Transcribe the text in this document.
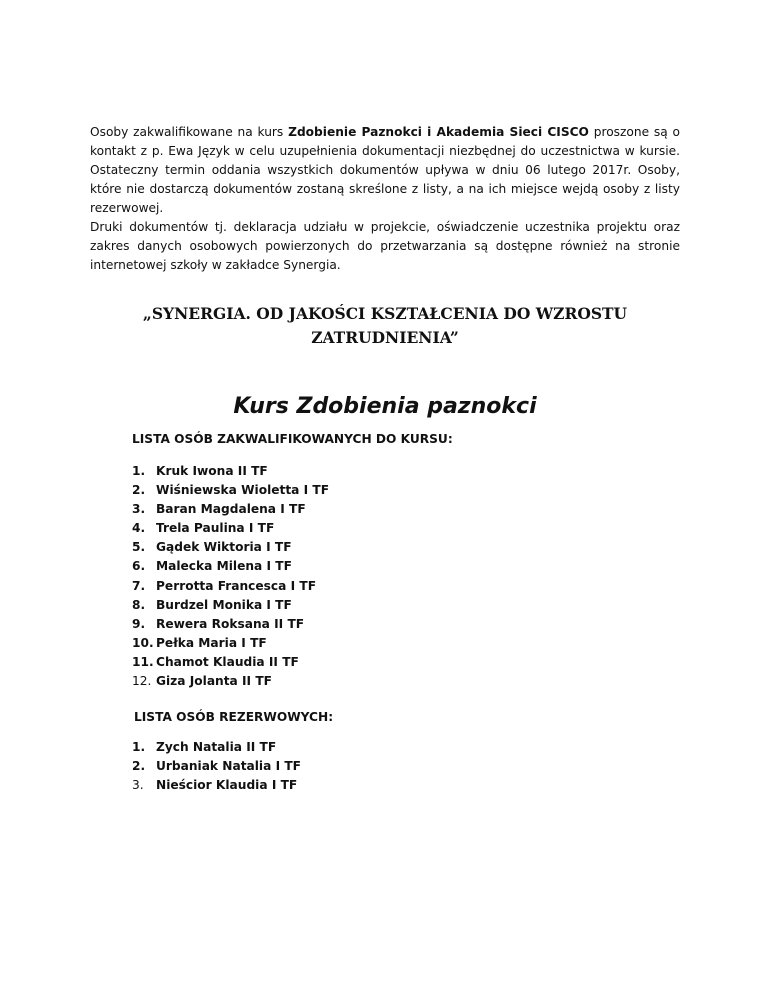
Osoby zakwalifikowane na kurs Zdobienie Paznokci i Akademia Sieci CISCO proszone są o kontakt z p. Ewa Język w celu uzupełnienia dokumentacji niezbędnej do uczestnictwa w kursie. Ostateczny termin oddania wszystkich dokumentów upływa w dniu 06 lutego 2017r. Osoby, które nie dostarczą dokumentów zostaną skreślone z listy, a na ich miejsce wejdą osoby z listy rezerwowej.

Druki dokumentów tj. deklaracja udziału w projekcie, oświadczenie uczestnika projektu oraz zakres danych osobowych powierzonych do przetwarzania są dostępne również na stronie internetowej szkoły w zakładce Synergia.

„SYNERGIA. OD JAKOŚCI KSZTAŁCENIA DO WZROSTU ZATRUDNIENIA”
Kurs Zdobienia paznokci
LISTA OSÓB ZAKWALIFIKOWANYCH DO KURSU:
1. Kruk Iwona II TF
2. Wiśniewska Wioletta I TF
3. Baran Magdalena I TF
4. Trela Paulina I TF
5. Gądek Wiktoria I TF
6. Malecka Milena I TF
7. Perrotta Francesca I TF
8. Burdzel Monika I TF
9. Rewera Roksana II TF
10. Pełka Maria I TF
11. Chamot Klaudia II TF
12. Giza Jolanta II TF
LISTA OSÓB REZERWOWYCH:
1. Zych Natalia II TF
2. Urbaniak Natalia I TF
3. Nieścior Klaudia I TF
